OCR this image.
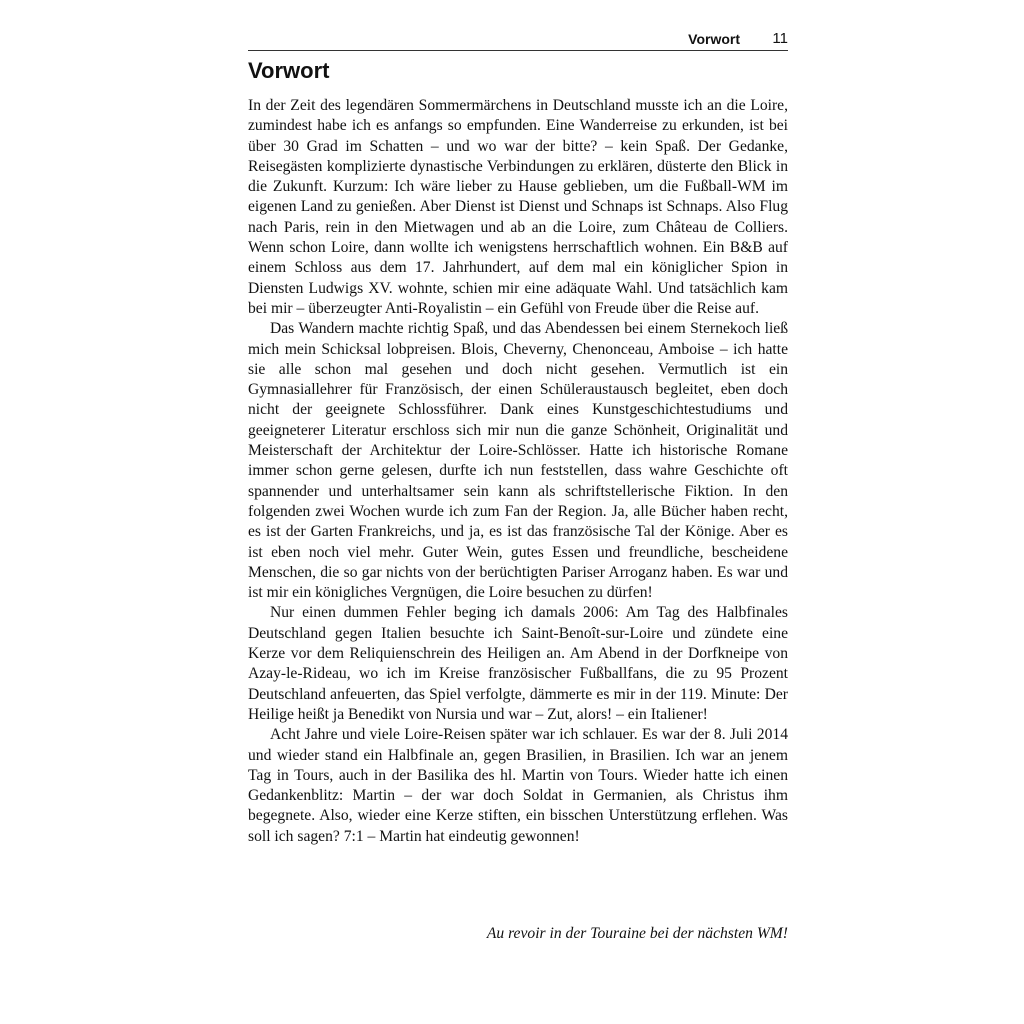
Vorwort 11
Vorwort

In der Zeit des legendären Sommermärchens in Deutschland musste ich an die Loire, zumindest habe ich es anfangs so empfunden. Eine Wanderreise zu erkunden, ist bei über 30 Grad im Schatten – und wo war der bitte? – kein Spaß. Der Gedanke, Reisegästen komplizierte dynastische Verbindungen zu erklären, düsterte den Blick in die Zukunft. Kurzum: Ich wäre lieber zu Hause geblieben, um die Fußball-WM im eigenen Land zu genießen. Aber Dienst ist Dienst und Schnaps ist Schnaps. Also Flug nach Paris, rein in den Mietwagen und ab an die Loire, zum Château de Colliers. Wenn schon Loire, dann wollte ich wenigstens herrschaftlich wohnen. Ein B&B auf einem Schloss aus dem 17. Jahrhundert, auf dem mal ein königlicher Spion in Diensten Ludwigs XV. wohnte, schien mir eine adäquate Wahl. Und tatsächlich kam bei mir – überzeugter Anti-Royalistin – ein Gefühl von Freude über die Reise auf.

Das Wandern machte richtig Spaß, und das Abendessen bei einem Sternekoch ließ mich mein Schicksal lobpreisen. Blois, Cheverny, Chenonceau, Amboise – ich hatte sie alle schon mal gesehen und doch nicht gesehen. Vermutlich ist ein Gymnasiallehrer für Französisch, der einen Schüleraustausch begleitet, eben doch nicht der geeignete Schlossführer. Dank eines Kunstgeschichtestudiums und geeigneterer Literatur erschloss sich mir nun die ganze Schönheit, Originalität und Meisterschaft der Architektur der Loire-Schlösser. Hatte ich historische Romane immer schon gerne gelesen, durfte ich nun feststellen, dass wahre Geschichte oft spannender und unterhaltsamer sein kann als schriftstellerische Fiktion. In den folgenden zwei Wochen wurde ich zum Fan der Region. Ja, alle Bücher haben recht, es ist der Garten Frankreichs, und ja, es ist das französische Tal der Könige. Aber es ist eben noch viel mehr. Guter Wein, gutes Essen und freundliche, bescheidene Menschen, die so gar nichts von der berüchtigten Pariser Arroganz haben. Es war und ist mir ein königliches Vergnügen, die Loire besuchen zu dürfen!

Nur einen dummen Fehler beging ich damals 2006: Am Tag des Halbfinales Deutschland gegen Italien besuchte ich Saint-Benoît-sur-Loire und zündete eine Kerze vor dem Reliquienschrein des Heiligen an. Am Abend in der Dorfkneipe von Azay-le-Rideau, wo ich im Kreise französischer Fußballfans, die zu 95 Prozent Deutschland anfeuerten, das Spiel verfolgte, dämmerte es mir in der 119. Minute: Der Heilige heißt ja Benedikt von Nursia und war – Zut, alors! – ein Italiener!

Acht Jahre und viele Loire-Reisen später war ich schlauer. Es war der 8. Juli 2014 und wieder stand ein Halbfinale an, gegen Brasilien, in Brasilien. Ich war an jenem Tag in Tours, auch in der Basilika des hl. Martin von Tours. Wieder hatte ich einen Gedankenblitz: Martin – der war doch Soldat in Germanien, als Christus ihm begegnete. Also, wieder eine Kerze stiften, ein bisschen Unterstützung erflehen. Was soll ich sagen? 7:1 – Martin hat eindeutig gewonnen!

Au revoir in der Touraine bei der nächsten WM!
